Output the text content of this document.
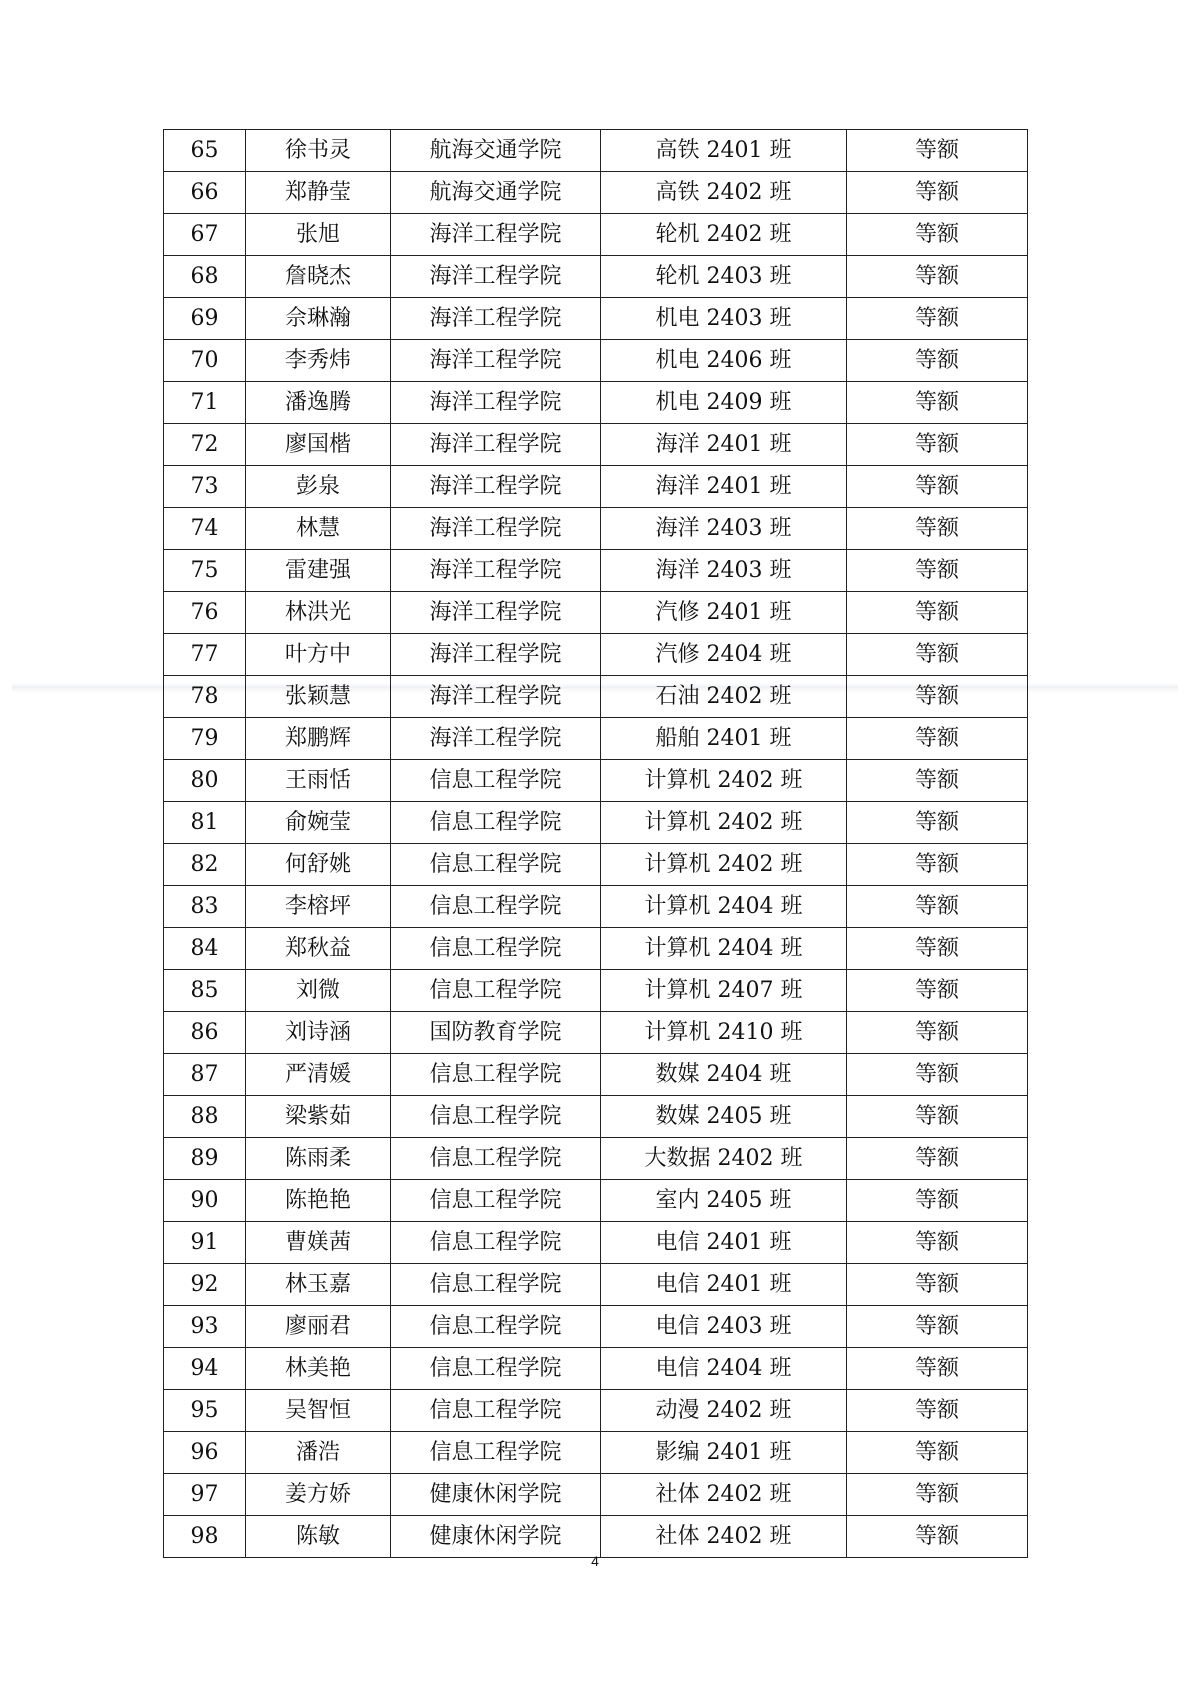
65	徐书灵	航海交通学院	高铁 2401 班	等额
66	郑静莹	航海交通学院	高铁 2402 班	等额
67	张旭	海洋工程学院	轮机 2402 班	等额
68	詹晓杰	海洋工程学院	轮机 2403 班	等额
69	佘琳瀚	海洋工程学院	机电 2403 班	等额
70	李秀炜	海洋工程学院	机电 2406 班	等额
71	潘逸腾	海洋工程学院	机电 2409 班	等额
72	廖国楷	海洋工程学院	海洋 2401 班	等额
73	彭泉	海洋工程学院	海洋 2401 班	等额
74	林慧	海洋工程学院	海洋 2403 班	等额
75	雷建强	海洋工程学院	海洋 2403 班	等额
76	林洪光	海洋工程学院	汽修 2401 班	等额
77	叶方中	海洋工程学院	汽修 2404 班	等额
78	张颖慧	海洋工程学院	石油 2402 班	等额
79	郑鹏辉	海洋工程学院	船舶 2401 班	等额
80	王雨恬	信息工程学院	计算机 2402 班	等额
81	俞婉莹	信息工程学院	计算机 2402 班	等额
82	何舒姚	信息工程学院	计算机 2402 班	等额
83	李榕坪	信息工程学院	计算机 2404 班	等额
84	郑秋益	信息工程学院	计算机 2404 班	等额
85	刘微	信息工程学院	计算机 2407 班	等额
86	刘诗涵	国防教育学院	计算机 2410 班	等额
87	严清媛	信息工程学院	数媒 2404 班	等额
88	梁紫茹	信息工程学院	数媒 2405 班	等额
89	陈雨柔	信息工程学院	大数据 2402 班	等额
90	陈艳艳	信息工程学院	室内 2405 班	等额
91	曹媄茜	信息工程学院	电信 2401 班	等额
92	林玉嘉	信息工程学院	电信 2401 班	等额
93	廖丽君	信息工程学院	电信 2403 班	等额
94	林美艳	信息工程学院	电信 2404 班	等额
95	吴智恒	信息工程学院	动漫 2402 班	等额
96	潘浩	信息工程学院	影编 2401 班	等额
97	姜方娇	健康休闲学院	社体 2402 班	等额
98	陈敏	健康休闲学院	社体 2402 班	等额
4
